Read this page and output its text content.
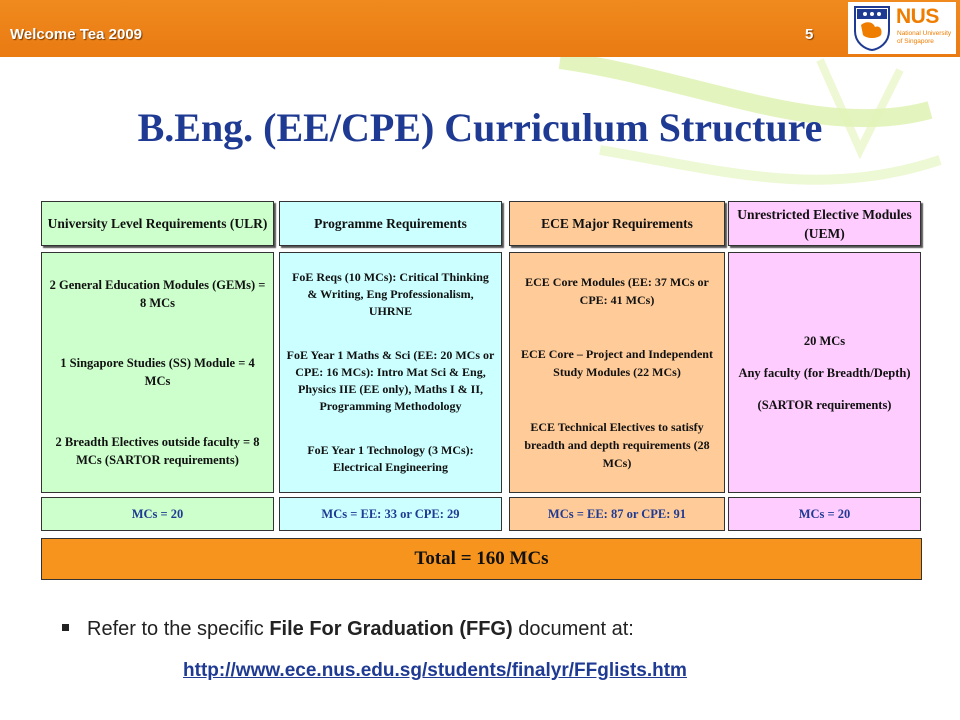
Welcome Tea 2009	5
NUS
National University of Singapore
B.Eng. (EE/CPE) Curriculum Structure
University Level Requirements (ULR)

2 General Education Modules (GEMs) = 8 MCs

1 Singapore Studies (SS) Module = 4 MCs

2 Breadth Electives outside faculty = 8 MCs (SARTOR requirements)

MCs = 20
Programme Requirements

FoE Reqs (10 MCs): Critical Thinking & Writing, Eng Professionalism, UHRNE

FoE Year 1 Maths & Sci (EE: 20 MCs or CPE: 16 MCs): Intro Mat Sci & Eng, Physics IIE (EE only), Maths I & II, Programming Methodology

FoE Year 1 Technology (3 MCs): Electrical Engineering

MCs = EE: 33 or CPE: 29
ECE Major Requirements

ECE Core Modules (EE: 37 MCs or CPE: 41 MCs)

ECE Core – Project and Independent Study Modules (22 MCs)

ECE Technical Electives to satisfy breadth and depth requirements (28 MCs)

MCs = EE: 87 or CPE: 91
Unrestricted Elective Modules (UEM)

20 MCs

Any faculty (for Breadth/Depth)

(SARTOR requirements)

MCs = 20
Total = 160 MCs
Refer to the specific File For Graduation (FFG) document at:
http://www.ece.nus.edu.sg/students/finalyr/FFglists.htm
